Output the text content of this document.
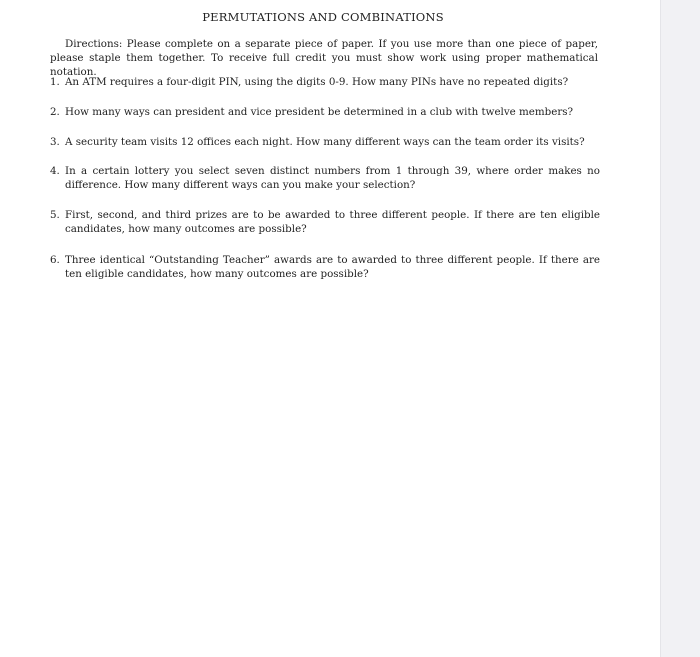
PERMUTATIONS AND COMBINATIONS

Directions: Please complete on a separate piece of paper. If you use more than one piece of paper, please staple them together. To receive full credit you must show work using proper mathematical notation.

1. An ATM requires a four-digit PIN, using the digits 0-9. How many PINs have no repeated digits?
2. How many ways can president and vice president be determined in a club with twelve members?
3. A security team visits 12 offices each night. How many different ways can the team order its visits?
4. In a certain lottery you select seven distinct numbers from 1 through 39, where order makes no difference. How many different ways can you make your selection?
5. First, second, and third prizes are to be awarded to three different people. If there are ten eligible candidates, how many outcomes are possible?
6. Three identical “Outstanding Teacher” awards are to awarded to three different people. If there are ten eligible candidates, how many outcomes are possible?
